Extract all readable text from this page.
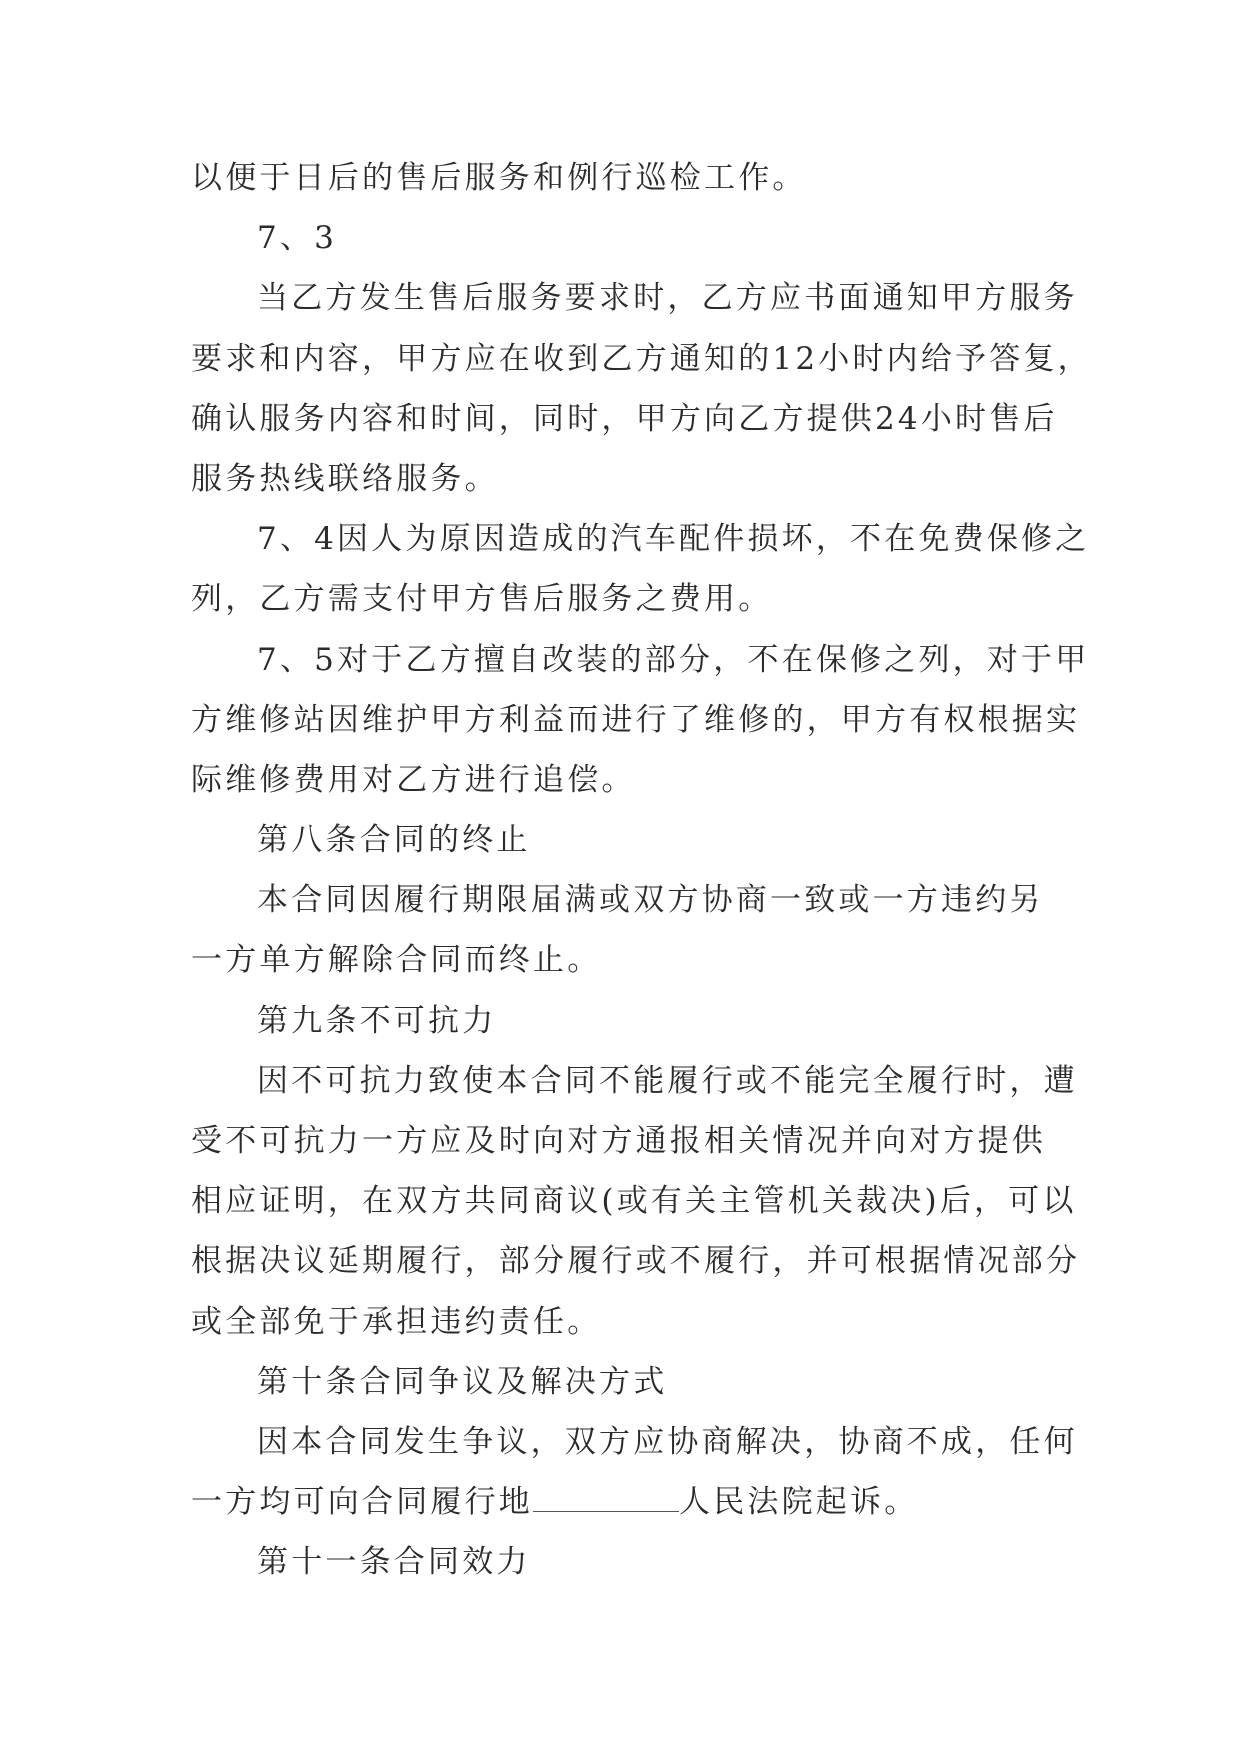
以便于日后的售后服务和例行巡检工作。
7、3
当乙方发生售后服务要求时，乙方应书面通知甲方服务
要求和内容，甲方应在收到乙方通知的12小时内给予答复，
确认服务内容和时间，同时，甲方向乙方提供24小时售后
服务热线联络服务。
7、4因人为原因造成的汽车配件损坏，不在免费保修之
列，乙方需支付甲方售后服务之费用。
7、5对于乙方擅自改装的部分，不在保修之列，对于甲
方维修站因维护甲方利益而进行了维修的，甲方有权根据实
际维修费用对乙方进行追偿。
第八条合同的终止
本合同因履行期限届满或双方协商一致或一方违约另
一方单方解除合同而终止。
第九条不可抗力
因不可抗力致使本合同不能履行或不能完全履行时，遭
受不可抗力一方应及时向对方通报相关情况并向对方提供
相应证明，在双方共同商议(或有关主管机关裁决)后，可以
根据决议延期履行，部分履行或不履行，并可根据情况部分
或全部免于承担违约责任。
第十条合同争议及解决方式
因本合同发生争议，双方应协商解决，协商不成，任何
一方均可向合同履行地	人民法院起诉。
第十一条合同效力
